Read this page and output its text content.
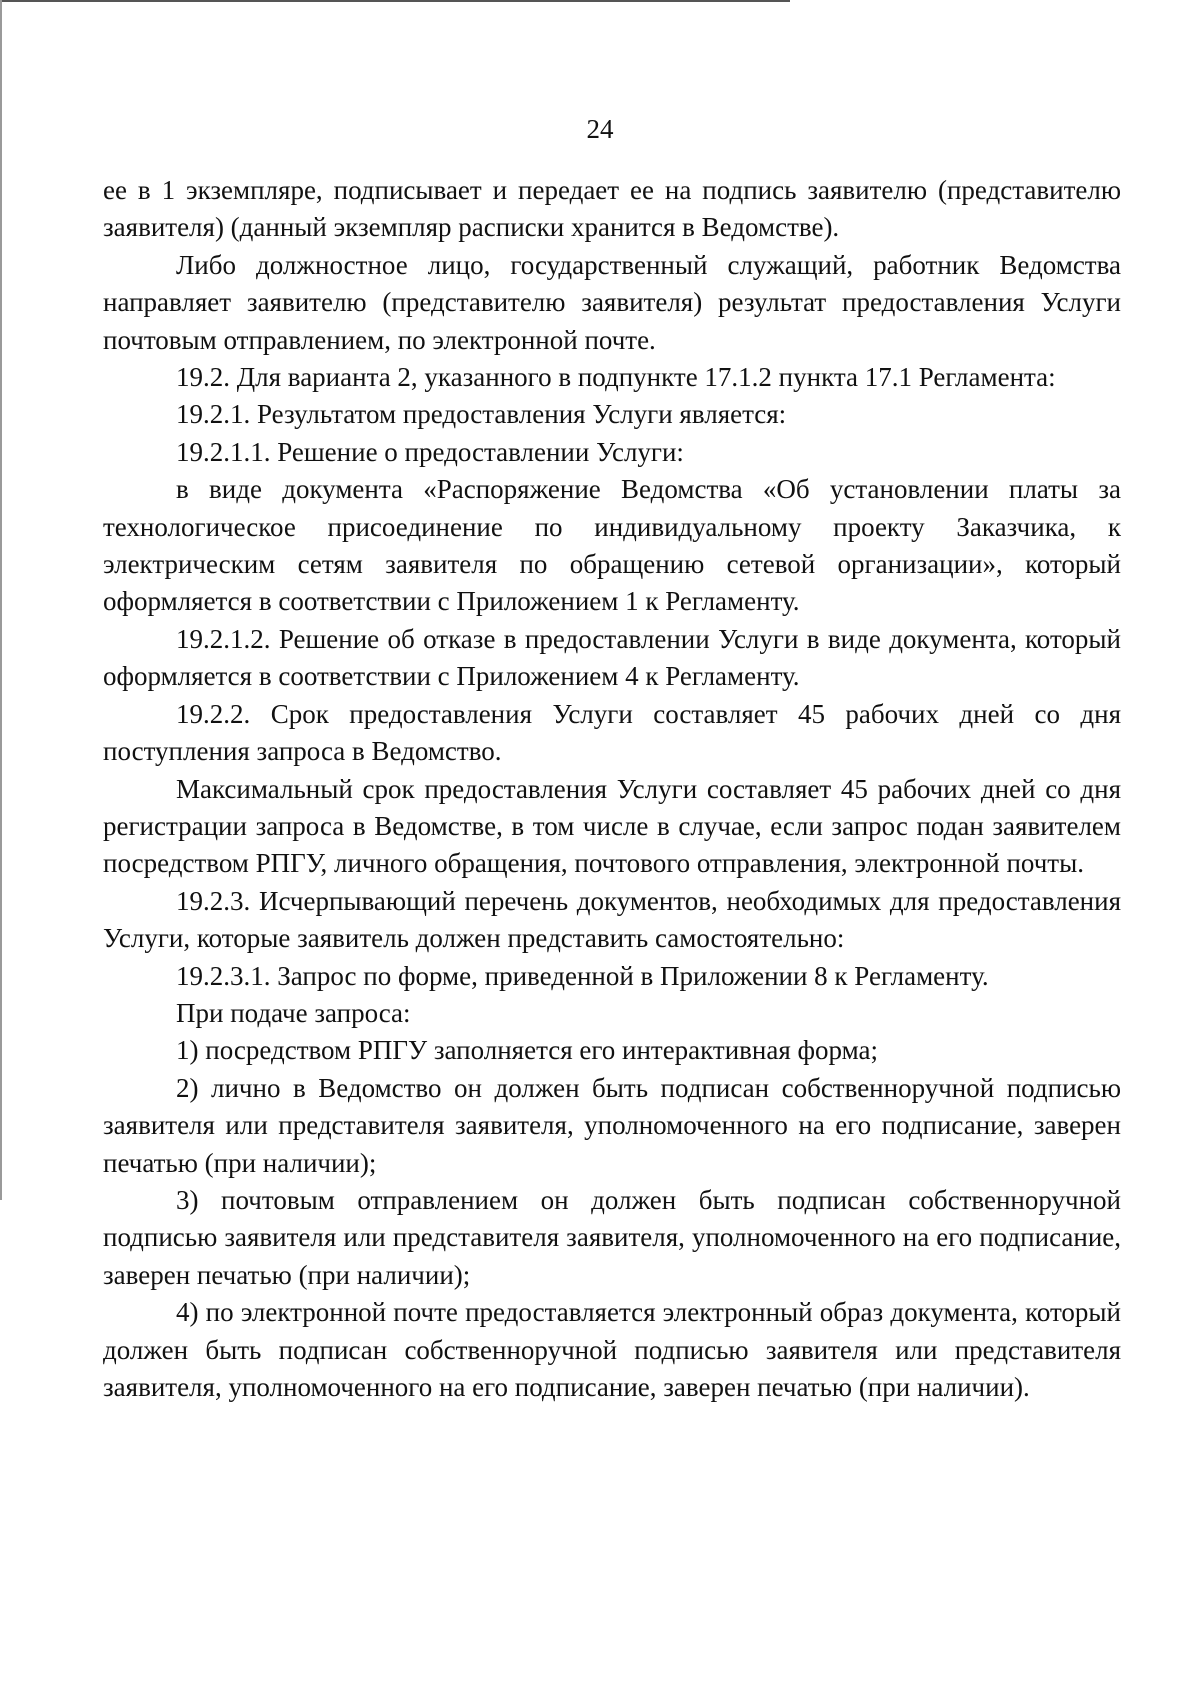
24

ее в 1 экземпляре, подписывает и передает ее на подпись заявителю (представителю заявителя) (данный экземпляр расписки хранится в Ведомстве).

Либо должностное лицо, государственный служащий, работник Ведомства направляет заявителю (представителю заявителя) результат предоставления Услуги почтовым отправлением, по электронной почте.

19.2. Для варианта 2, указанного в подпункте 17.1.2 пункта 17.1 Регламента:

19.2.1. Результатом предоставления Услуги является:

19.2.1.1. Решение о предоставлении Услуги:

в виде документа «Распоряжение Ведомства «Об установлении платы за технологическое присоединение по индивидуальному проекту Заказчика, к электрическим сетям заявителя по обращению сетевой организации», который оформляется в соответствии с Приложением 1 к Регламенту.

19.2.1.2. Решение об отказе в предоставлении Услуги в виде документа, который оформляется в соответствии с Приложением 4 к Регламенту.

19.2.2. Срок предоставления Услуги составляет 45 рабочих дней со дня поступления запроса в Ведомство.

Максимальный срок предоставления Услуги составляет 45 рабочих дней со дня регистрации запроса в Ведомстве, в том числе в случае, если запрос подан заявителем посредством РПГУ, личного обращения, почтового отправления, электронной почты.

19.2.3. Исчерпывающий перечень документов, необходимых для предоставления Услуги, которые заявитель должен представить самостоятельно:

19.2.3.1. Запрос по форме, приведенной в Приложении 8 к Регламенту.

При подаче запроса:

1) посредством РПГУ заполняется его интерактивная форма;

2) лично в Ведомство он должен быть подписан собственноручной подписью заявителя или представителя заявителя, уполномоченного на его подписание, заверен печатью (при наличии);

3) почтовым отправлением он должен быть подписан собственноручной подписью заявителя или представителя заявителя, уполномоченного на его подписание, заверен печатью (при наличии);

4) по электронной почте предоставляется электронный образ документа, который должен быть подписан собственноручной подписью заявителя или представителя заявителя, уполномоченного на его подписание, заверен печатью (при наличии).
